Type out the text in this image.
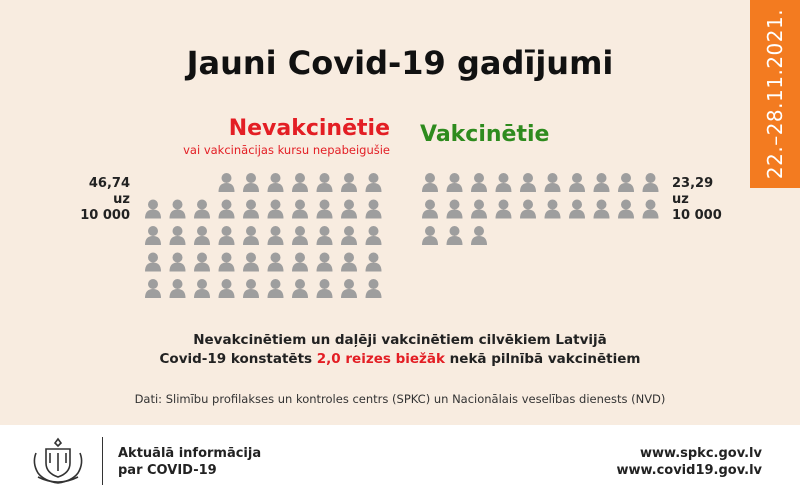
22.–28.11.2021.
Jauni Covid-19 gadījumi
Nevakcinētie
vai vakcinācijas kursu nepabeigušie
Vakcinētie
46,74
uz
10 000
23,29
uz
10 000
Nevakcinētiem un daļēji vakcinētiem cilvēkiem Latvijā
Covid-19 konstatēts 2,0 reizes biežāk nekā pilnībā vakcinētiem
Dati: Slimību profilakses un kontroles centrs (SPKC) un Nacionālais veselības dienests (NVD)
Aktuālā informācija
par COVID-19
www.spkc.gov.lv
www.covid19.gov.lv
